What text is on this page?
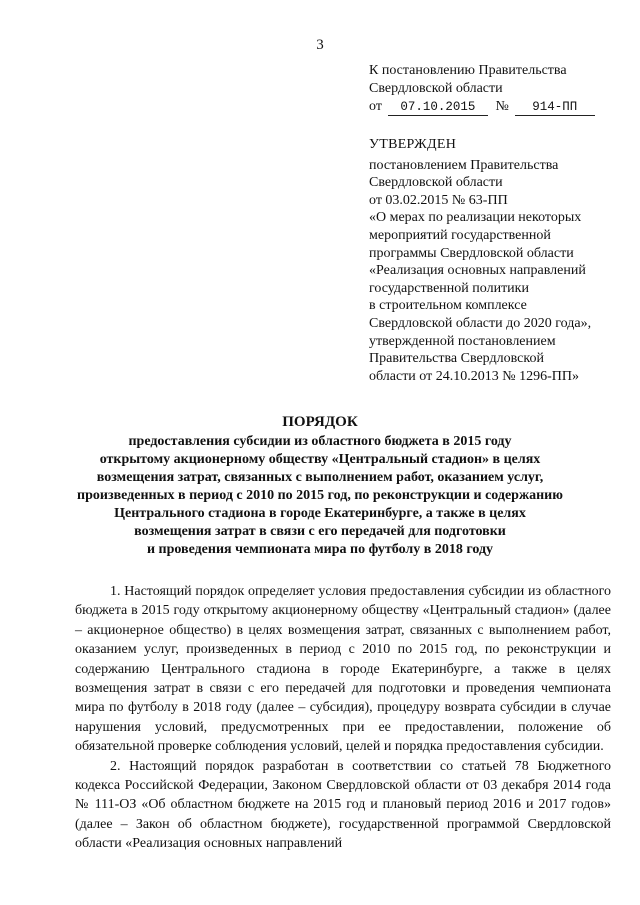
3
К постановлению Правительства
Свердловской области
от 07.10.2015 № 914-ПП
УТВЕРЖДЕН
постановлением Правительства
Свердловской области
от 03.02.2015 № 63-ПП
«О мерах по реализации некоторых
мероприятий государственной
программы Свердловской области
«Реализация основных направлений
государственной политики
в строительном комплексе
Свердловской области до 2020 года»,
утвержденной постановлением
Правительства Свердловской
области от 24.10.2013 № 1296-ПП»
ПОРЯДОК
предоставления субсидии из областного бюджета в 2015 году
открытому акционерному обществу «Центральный стадион» в целях
возмещения затрат, связанных с выполнением работ, оказанием услуг,
произведенных в период с 2010 по 2015 год, по реконструкции и содержанию
Центрального стадиона в городе Екатеринбурге, а также в целях
возмещения затрат в связи с его передачей для подготовки
и проведения чемпионата мира по футболу в 2018 году

1. Настоящий порядок определяет условия предоставления субсидии из областного бюджета в 2015 году открытому акционерному обществу «Центральный стадион» (далее – акционерное общество) в целях возмещения затрат, связанных с выполнением работ, оказанием услуг, произведенных в период с 2010 по 2015 год, по реконструкции и содержанию Центрального стадиона в городе Екатеринбурге, а также в целях возмещения затрат в связи с его передачей для подготовки и проведения чемпионата мира по футболу в 2018 году (далее – субсидия), процедуру возврата субсидии в случае нарушения условий, предусмотренных при ее предоставлении, положение об обязательной проверке соблюдения условий, целей и порядка предоставления субсидии.

2. Настоящий порядок разработан в соответствии со статьей 78 Бюджетного кодекса Российской Федерации, Законом Свердловской области от 03 декабря 2014 года № 111-ОЗ «Об областном бюджете на 2015 год и плановый период 2016 и 2017 годов» (далее – Закон об областном бюджете), государственной программой Свердловской области «Реализация основных направлений
